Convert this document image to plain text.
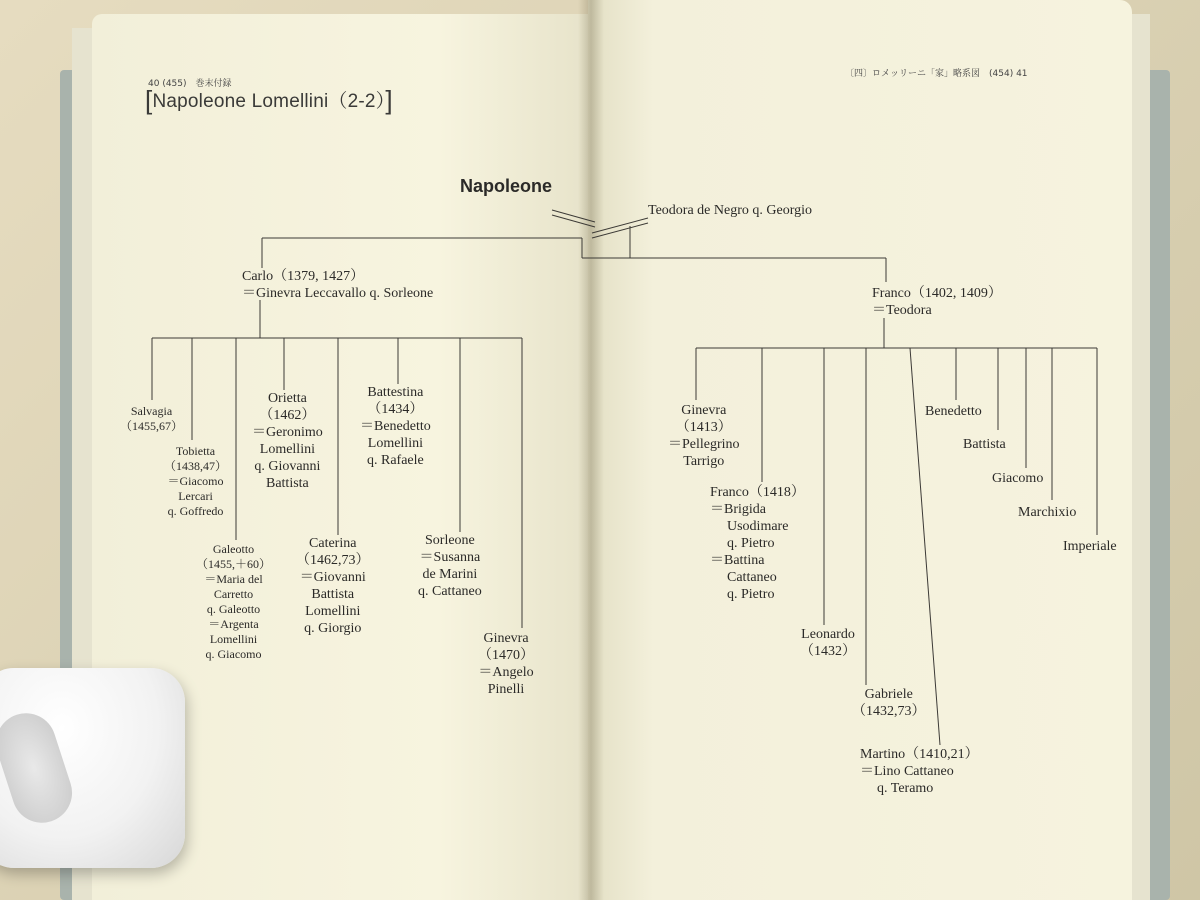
40 (455)　巻末付録
〔四〕ロメッリーニ「家」略系図　(454) 41
[Napoleone Lomellini（2-2）]
Napoleone
Teodora de Negro q. Georgio
Carlo（1379, 1427）
＝Ginevra Leccavallo q. Sorleone	Franco（1402, 1409）
＝Teodora
Salvagia
（1455,67）
Tobietta
（1438,47）
＝Giacomo
Lercari
q. Goffredo
Galeotto
（1455,＋60）
＝Maria del
Carretto
q. Galeotto
＝Argenta
Lomellini
q. Giacomo
Orietta
（1462）
＝Geronimo
Lomellini
q. Giovanni
Battista
Caterina
（1462,73）
＝Giovanni
Battista
Lomellini
q. Giorgio
Battestina
（1434）
＝Benedetto
Lomellini
q. Rafaele
Sorleone
＝Susanna
de Marini
q. Cattaneo
Ginevra
（1470）
＝Angelo
Pinelli
Ginevra
（1413）
＝Pellegrino
Tarrigo
Franco（1418）
＝Brigida
Usodimare
q. Pietro
＝Battina
Cattaneo
q. Pietro
Leonardo
（1432）
Gabriele
（1432,73）
Martino（1410,21）
＝Lino Cattaneo
q. Teramo
Benedetto
Battista
Giacomo
Marchixio
Imperiale
